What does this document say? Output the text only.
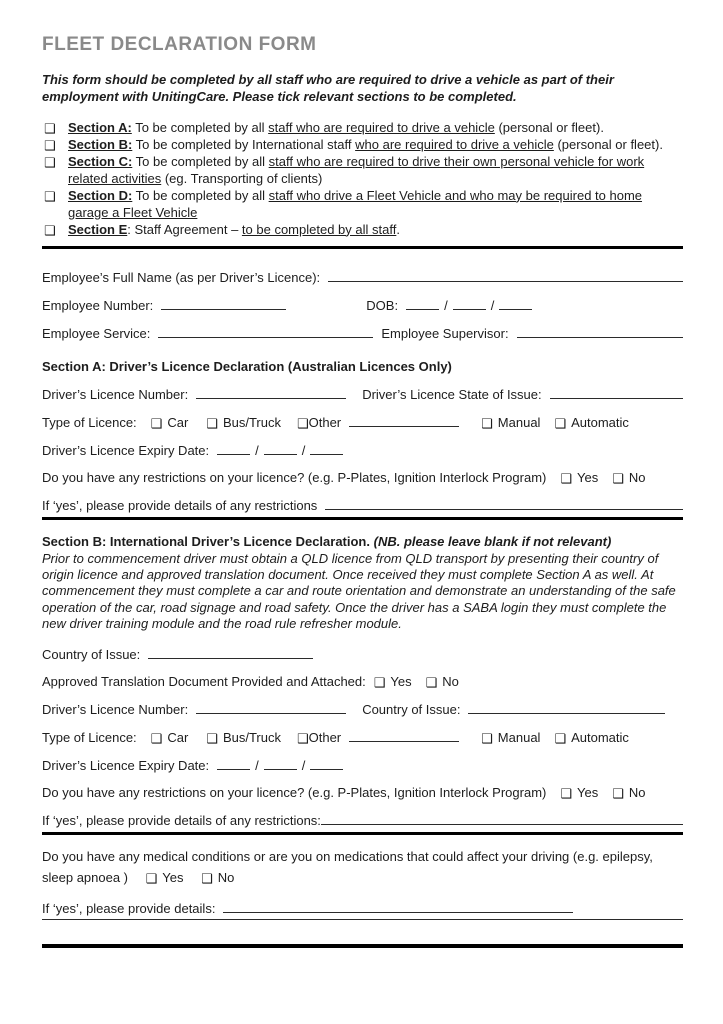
FLEET DECLARATION FORM

This form should be completed by all staff who are required to drive a vehicle as part of their employment with UnitingCare. Please tick relevant sections to be completed.

❑ Section A: To be completed by all staff who are required to drive a vehicle (personal or fleet).
❑ Section B: To be completed by International staff who are required to drive a vehicle (personal or fleet).
❑ Section C: To be completed by all staff who are required to drive their own personal vehicle for work related activities (eg. Transporting of clients)
❑ Section D: To be completed by all staff who drive a Fleet Vehicle and who may be required to home garage a Fleet Vehicle
❑ Section E: Staff Agreement – to be completed by all staff.
Employee’s Full Name (as per Driver’s Licence):
Employee Number:	DOB:	/	/
Employee Service:	Employee Supervisor:
Section A: Driver’s Licence Declaration (Australian Licences Only)
Driver’s Licence Number:	Driver’s Licence State of Issue:
Type of Licence: ❑ Car ❑ Bus/Truck ❑Other	❑ Manual ❑ Automatic
Driver’s Licence Expiry Date:	/	/
Do you have any restrictions on your licence? (e.g. P-Plates, Ignition Interlock Program) ❑ Yes ❑ No
If ‘yes’, please provide details of any restrictions
Section B: International Driver’s Licence Declaration. (NB. please leave blank if not relevant)

Prior to commencement driver must obtain a QLD licence from QLD transport by presenting their country of origin licence and approved translation document. Once received they must complete Section A as well. At commencement they must complete a car and route orientation and demonstrate an understanding of the safe operation of the car, road signage and road safety. Once the driver has a SABA login they must complete the new driver training module and the road rule refresher module.

Country of Issue:
Approved Translation Document Provided and Attached: ❑ Yes ❑ No
Driver’s Licence Number:	Country of Issue:
Type of Licence: ❑ Car ❑ Bus/Truck ❑Other	❑ Manual ❑ Automatic
Driver’s Licence Expiry Date:	/	/
Do you have any restrictions on your licence? (e.g. P-Plates, Ignition Interlock Program) ❑ Yes ❑ No
If ‘yes’, please provide details of any restrictions:
Do you have any medical conditions or are you on medications that could affect your driving (e.g. epilepsy, sleep apnoea ) ❑ Yes ❑ No
If ‘yes’, please provide details:
